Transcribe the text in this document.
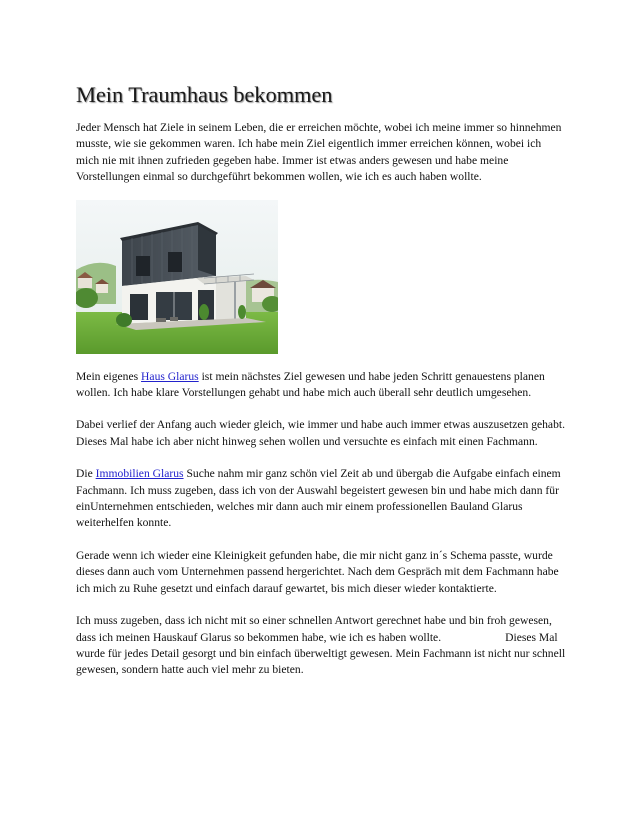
Mein Traumhaus bekommen

Jeder Mensch hat Ziele in seinem Leben, die er erreichen möchte, wobei ich meine immer so hinnehmen musste, wie sie gekommen waren. Ich habe mein Ziel eigentlich immer erreichen können, wobei ich mich nie mit ihnen zufrieden gegeben habe. Immer ist etwas anders gewesen und habe meine Vorstellungen einmal so durchgeführt bekommen wollen, wie ich es auch haben wollte.

Mein eigenes Haus Glarus ist mein nächstes Ziel gewesen und habe jeden Schritt genauestens planen wollen. Ich habe klare Vorstellungen gehabt und habe mich auch überall sehr deutlich umgesehen.

Dabei verlief der Anfang auch wieder gleich, wie immer und habe auch immer etwas auszusetzen gehabt. Dieses Mal habe ich aber nicht hinweg sehen wollen und versuchte es einfach mit einen Fachmann.

Die Immobilien Glarus Suche nahm mir ganz schön viel Zeit ab und übergab die Aufgabe einfach einem Fachmann. Ich muss zugeben, dass ich von der Auswahl begeistert gewesen bin und habe mich dann für einUnternehmen entschieden, welches mir dann auch mir einem professionellen Bauland Glarus weiterhelfen konnte.

Gerade wenn ich wieder eine Kleinigkeit gefunden habe, die mir nicht ganz in´s Schema passte, wurde dieses dann auch vom Unternehmen passend hergerichtet. Nach dem Gespräch mit dem Fachmann habe ich mich zu Ruhe gesetzt und einfach darauf gewartet, bis mich dieser wieder kontaktierte.

Ich muss zugeben, dass ich nicht mit so einer schnellen Antwort gerechnet habe und bin froh gewesen, dass ich meinen Hauskauf Glarus so bekommen habe, wie ich es haben wollte.	Dieses Mal wurde für jedes Detail gesorgt und bin einfach überweltigt gewesen. Mein Fachmann ist nicht nur schnell gewesen, sondern hatte auch viel mehr zu bieten.
